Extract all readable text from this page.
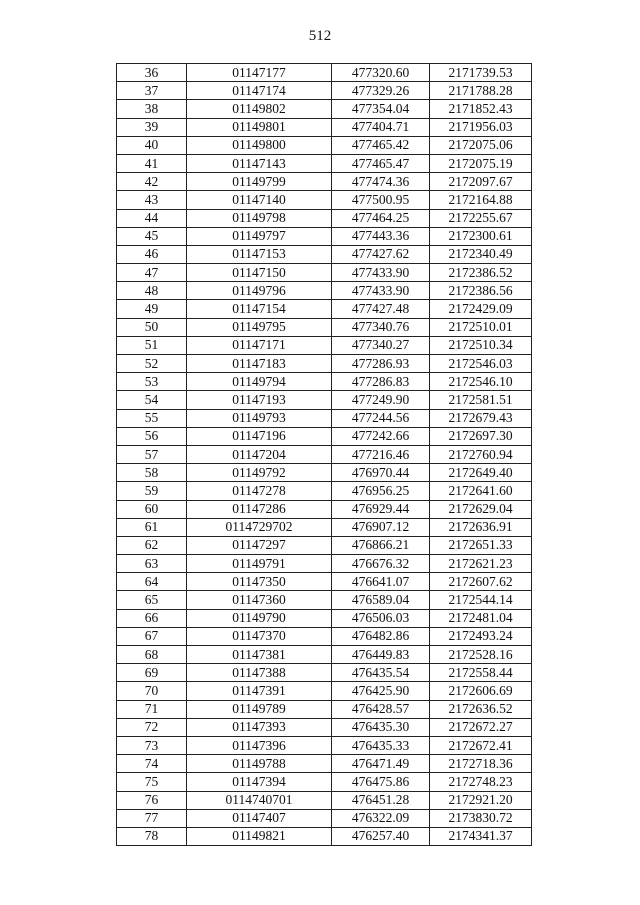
512
36	01147177	477320.60	2171739.53
37	01147174	477329.26	2171788.28
38	01149802	477354.04	2171852.43
39	01149801	477404.71	2171956.03
40	01149800	477465.42	2172075.06
41	01147143	477465.47	2172075.19
42	01149799	477474.36	2172097.67
43	01147140	477500.95	2172164.88
44	01149798	477464.25	2172255.67
45	01149797	477443.36	2172300.61
46	01147153	477427.62	2172340.49
47	01147150	477433.90	2172386.52
48	01149796	477433.90	2172386.56
49	01147154	477427.48	2172429.09
50	01149795	477340.76	2172510.01
51	01147171	477340.27	2172510.34
52	01147183	477286.93	2172546.03
53	01149794	477286.83	2172546.10
54	01147193	477249.90	2172581.51
55	01149793	477244.56	2172679.43
56	01147196	477242.66	2172697.30
57	01147204	477216.46	2172760.94
58	01149792	476970.44	2172649.40
59	01147278	476956.25	2172641.60
60	01147286	476929.44	2172629.04
61	0114729702	476907.12	2172636.91
62	01147297	476866.21	2172651.33
63	01149791	476676.32	2172621.23
64	01147350	476641.07	2172607.62
65	01147360	476589.04	2172544.14
66	01149790	476506.03	2172481.04
67	01147370	476482.86	2172493.24
68	01147381	476449.83	2172528.16
69	01147388	476435.54	2172558.44
70	01147391	476425.90	2172606.69
71	01149789	476428.57	2172636.52
72	01147393	476435.30	2172672.27
73	01147396	476435.33	2172672.41
74	01149788	476471.49	2172718.36
75	01147394	476475.86	2172748.23
76	0114740701	476451.28	2172921.20
77	01147407	476322.09	2173830.72
78	01149821	476257.40	2174341.37
